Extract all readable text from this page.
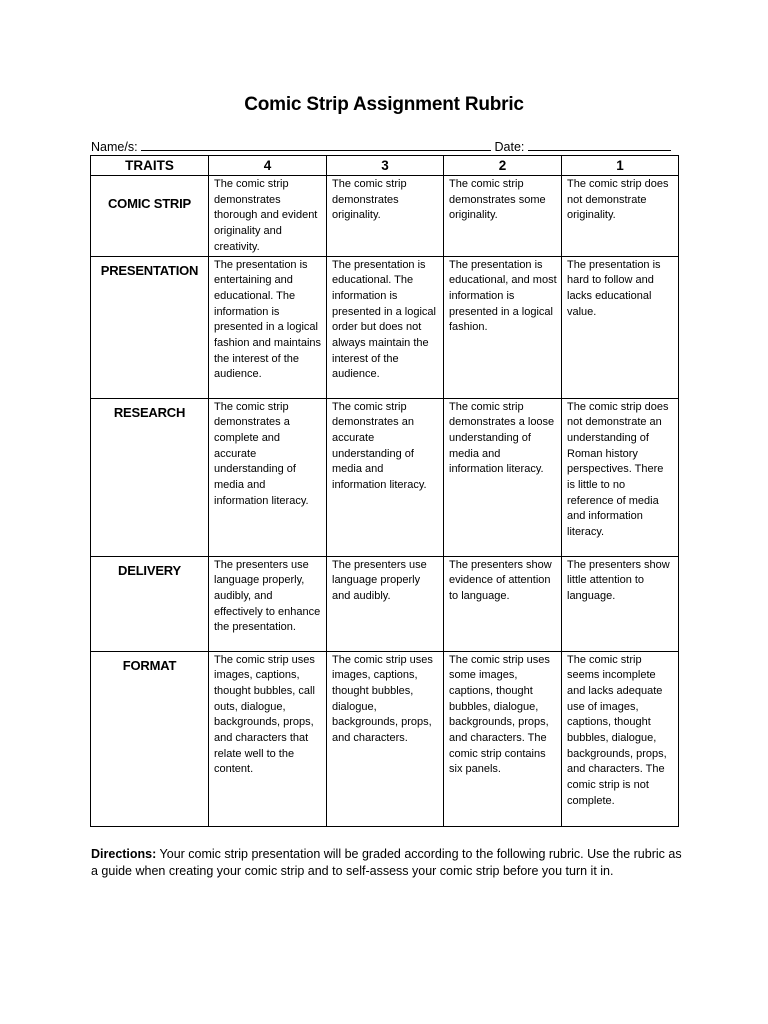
Comic Strip Assignment Rubric
Name/s:	Date:
TRAITS	4	3	2	1
COMIC STRIP	The comic strip demonstrates thorough and evident originality and creativity.	The comic strip demonstrates originality.	The comic strip demonstrates some originality.	The comic strip does not demonstrate originality.
PRESENTATION	The presentation is entertaining and educational. The information is presented in a logical fashion and maintains the interest of the audience.	The presentation is educational. The information is presented in a logical order but does not always maintain the interest of the audience.	The presentation is educational, and most information is presented in a logical fashion.	The presentation is hard to follow and lacks educational value.
RESEARCH	The comic strip demonstrates a complete and accurate understanding of media and information literacy.	The comic strip demonstrates an accurate understanding of media and information literacy.	The comic strip demonstrates a loose understanding of media and information literacy.	The comic strip does not demonstrate an understanding of Roman history perspectives. There is little to no reference of media and information literacy.
DELIVERY	The presenters use language properly, audibly, and effectively to enhance the presentation.	The presenters use language properly and audibly.	The presenters show evidence of attention to language.	The presenters show little attention to language.
FORMAT	The comic strip uses images, captions, thought bubbles, call outs, dialogue, backgrounds, props, and characters that relate well to the content.	The comic strip uses images, captions, thought bubbles, dialogue, backgrounds, props, and characters.	The comic strip uses some images, captions, thought bubbles, dialogue, backgrounds, props, and characters. The comic strip contains six panels.	The comic strip seems incomplete and lacks adequate use of images, captions, thought bubbles, dialogue, backgrounds, props, and characters. The comic strip is not complete.
Directions: Your comic strip presentation will be graded according to the following rubric. Use the rubric as a guide when creating your comic strip and to self-assess your comic strip before you turn it in.
